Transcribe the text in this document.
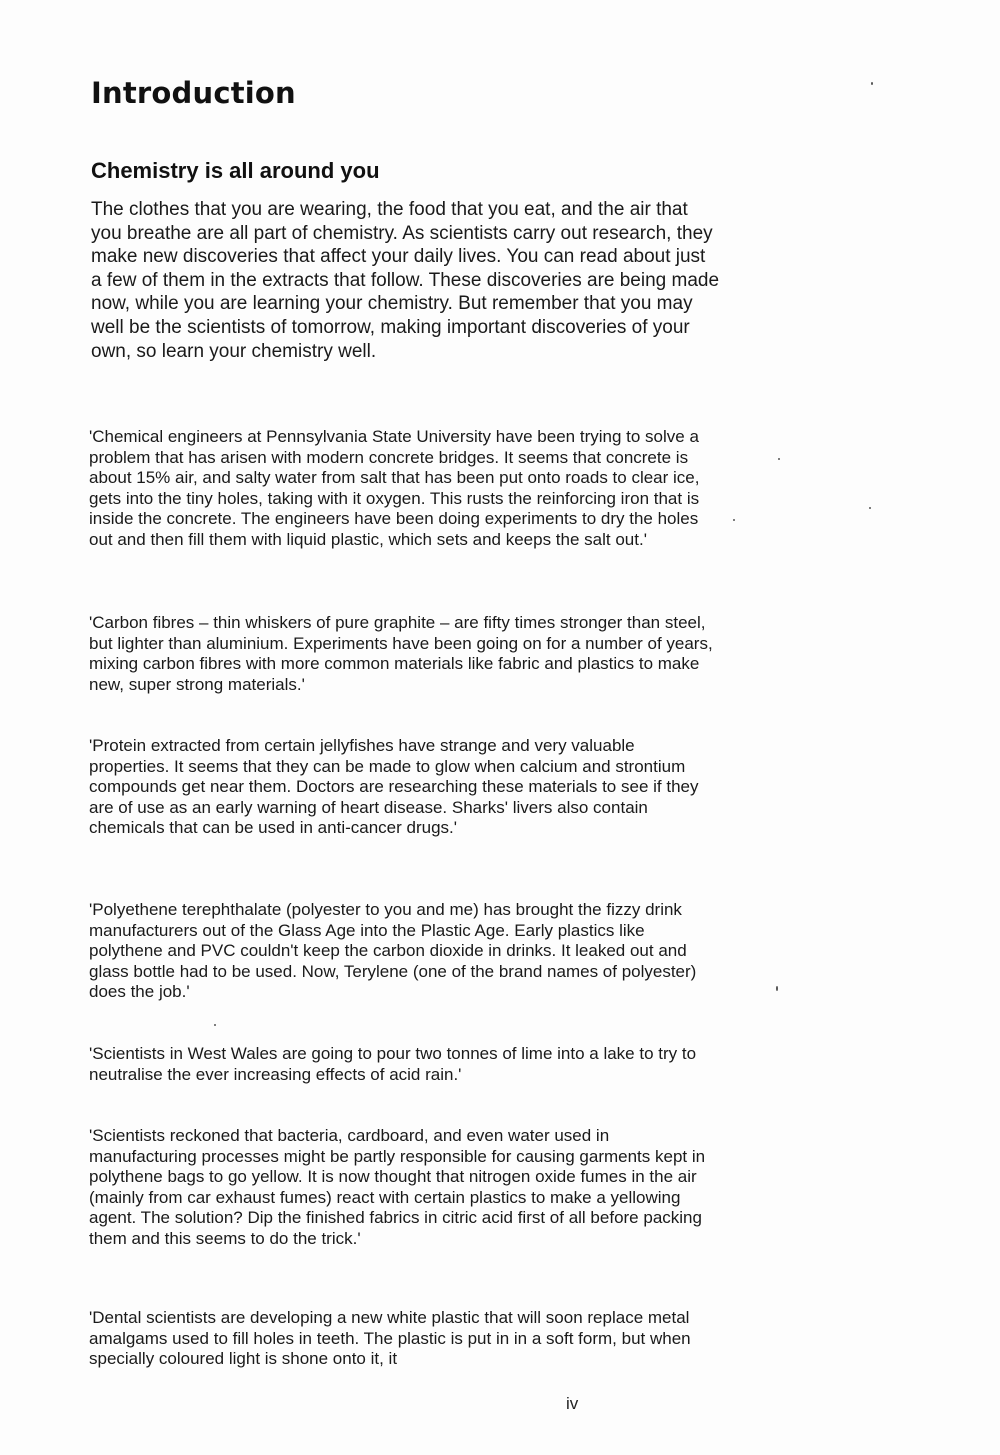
Introduction
Chemistry is all around you

The clothes that you are wearing, the food that you eat, and the air that you breathe are all part of chemistry. As scientists carry out research, they make new discoveries that affect your daily lives. You can read about just a few of them in the extracts that follow. These discoveries are being made now, while you are learning your chemistry. But remember that you may well be the scientists of tomorrow, making important discoveries of your own, so learn your chemistry well.

'Chemical engineers at Pennsylvania State University have been trying to solve a problem that has arisen with modern concrete bridges. It seems that concrete is about 15% air, and salty water from salt that has been put onto roads to clear ice, gets into the tiny holes, taking with it oxygen. This rusts the reinforcing iron that is inside the concrete. The engineers have been doing experiments to dry the holes out and then fill them with liquid plastic, which sets and keeps the salt out.'

'Carbon fibres – thin whiskers of pure graphite – are fifty times stronger than steel, but lighter than aluminium. Experiments have been going on for a number of years, mixing carbon fibres with more common materials like fabric and plastics to make new, super strong materials.'

'Protein extracted from certain jellyfishes have strange and very valuable properties. It seems that they can be made to glow when calcium and strontium compounds get near them. Doctors are researching these materials to see if they are of use as an early warning of heart disease. Sharks' livers also contain chemicals that can be used in anti-cancer drugs.'

'Polyethene terephthalate (polyester to you and me) has brought the fizzy drink manufacturers out of the Glass Age into the Plastic Age. Early plastics like polythene and PVC couldn't keep the carbon dioxide in drinks. It leaked out and glass bottle had to be used. Now, Terylene (one of the brand names of polyester) does the job.'

'Scientists in West Wales are going to pour two tonnes of lime into a lake to try to neutralise the ever increasing effects of acid rain.'

'Scientists reckoned that bacteria, cardboard, and even water used in manufacturing processes might be partly responsible for causing garments kept in polythene bags to go yellow. It is now thought that nitrogen oxide fumes in the air (mainly from car exhaust fumes) react with certain plastics to make a yellowing agent. The solution? Dip the finished fabrics in citric acid first of all before packing them and this seems to do the trick.'

'Dental scientists are developing a new white plastic that will soon replace metal amalgams used to fill holes in teeth. The plastic is put in in a soft form, but when specially coloured light is shone onto it, it

iv
